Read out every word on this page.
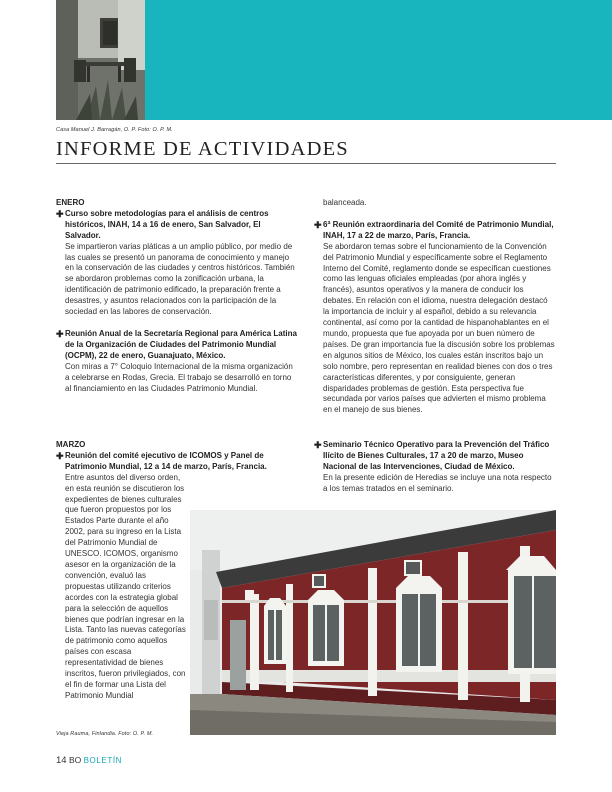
Casa Manuel J. Barragán, O. P. Foto: O. P. M.
INFORME DE ACTIVIDADES

ENERO

✚ Curso sobre metodologías para el análisis de centros históricos, INAH, 14 a 16 de enero, San Salvador, El Salvador.

Se impartieron varias pláticas a un amplio público, por medio de las cuales se presentó un panorama de conocimiento y manejo en la conservación de las ciudades y centros históricos. También se abordaron problemas como la zonificación urbana, la identificación de patrimonio edificado, la preparación frente a desastres, y asuntos relacionados con la participación de la sociedad en las labores de conservación.

✚ Reunión Anual de la Secretaría Regional para América Latina de la Organización de Ciudades del Patrimonio Mundial (OCPM), 22 de enero, Guanajuato, México.

Con miras a 7° Coloquio Internacional de la misma organización a celebrarse en Rodas, Grecia. El trabajo se desarrolló en torno al financiamiento en las Ciudades Patrimonio Mundial.

MARZO

✚ Reunión del comité ejecutivo de ICOMOS y Panel de Patrimonio Mundial, 12 a 14 de marzo, París, Francia.

Entre asuntos del diverso orden, en esta reunión se discutieron los expedientes de bienes culturales que fueron propuestos por los Estados Parte durante el año 2002, para su ingreso en la Lista del Patrimonio Mundial de UNESCO. ICOMOS, organismo asesor en la organización de la convención, evaluó las propuestas utilizando criterios acordes con la estrategia global para la selección de aquellos bienes que podrían ingresar en la Lista. Tanto las nuevas categorías de patrimonio como aquellos países con escasa representatividad de bienes inscritos, fueron privilegiados, con el fin de formar una Lista del Patrimonio Mundial

balanceada.

✚ 6ª Reunión extraordinaria del Comité de Patrimonio Mundial, INAH, 17 a 22 de marzo, París, Francia.

Se abordaron temas sobre el funcionamiento de la Convención del Patrimonio Mundial y específicamente sobre el Reglamento Interno del Comité, reglamento donde se especifican cuestiones como las lenguas oficiales empleadas (por ahora inglés y francés), asuntos operativos y la manera de conducir los debates. En relación con el idioma, nuestra delegación destacó la importancia de incluir y al español, debido a su relevancia continental, así como por la cantidad de hispanohablantes en el mundo, propuesta que fue apoyada por un buen número de países. De gran importancia fue la discusión sobre los problemas en algunos sitios de México, los cuales están inscritos bajo un solo nombre, pero representan en realidad bienes con dos o tres características diferentes, y por consiguiente, generan disparidades problemas de gestión. Esta perspectiva fue secundada por varios países que advierten el mismo problema en el manejo de sus bienes.

✚ Seminario Técnico Operativo para la Prevención del Tráfico Ilícito de Bienes Culturales, 17 a 20 de marzo, Museo Nacional de las Intervenciones, Ciudad de México.

En la presente edición de Heredias se incluye una nota respecto a los temas tratados en el seminario.

Vieja Rauma, Finlandia. Foto: O. P. M.
14 BO BOLETÍN
